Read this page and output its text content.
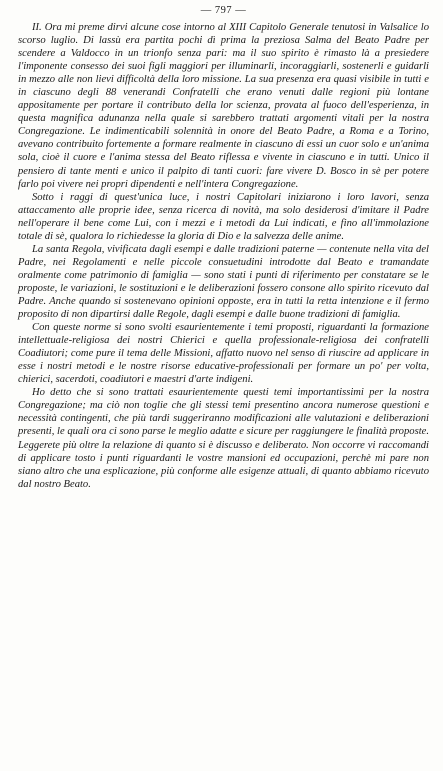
— 797 —

II. Ora mi preme dirvi alcune cose intorno al XIII Capitolo Generale tenutosi in Valsalice lo scorso luglio. Di lassù era partita pochi dì prima la preziosa Salma del Beato Padre per scendere a Valdocco in un trionfo senza pari: ma il suo spirito è rimasto là a presiedere l'imponente consesso dei suoi figli maggiori per illuminarli, incoraggiarli, sostenerli e guidarli in mezzo alle non lievi difficoltà della loro missione. La sua presenza era quasi visibile in tutti e in ciascuno degli 88 venerandi Confratelli che erano venuti dalle regioni più lontane appositamente per portare il contributo della lor scienza, provata al fuoco dell'esperienza, in questa magnifica adunanza nella quale si sarebbero trattati argomenti vitali per la nostra Congregazione. Le indimenticabili solennità in onore del Beato Padre, a Roma e a Torino, avevano contribuito fortemente a formare realmente in ciascuno di essi un cuor solo e un'anima sola, cioè il cuore e l'anima stessa del Beato riflessa e vivente in ciascuno e in tutti. Unico il pensiero di tante menti e unico il palpito di tanti cuori: fare vivere D. Bosco in sè per potere farlo poi vivere nei propri dipendenti e nell'intera Congregazione.

Sotto i raggi di quest'unica luce, i nostri Capitolari iniziarono i loro lavori, senza attaccamento alle proprie idee, senza ricerca di novità, ma solo desiderosi d'imitare il Padre nell'operare il bene come Lui, con i mezzi e i metodi da Lui indicati, e fino all'immolazione totale di sè, qualora lo richiedesse la gloria di Dio e la salvezza delle anime.

La santa Regola, vivificata dagli esempi e dalle tradizioni paterne — contenute nella vita del Padre, nei Regolamenti e nelle piccole consuetudini introdotte dal Beato e tramandate oralmente come patrimonio di famiglia — sono stati i punti di riferimento per constatare se le proposte, le variazioni, le sostituzioni e le deliberazioni fossero consone allo spirito ricevuto dal Padre. Anche quando si sostenevano opinioni opposte, era in tutti la retta intenzione e il fermo proposito di non dipartirsi dalle Regole, dagli esempi e dalle buone tradizioni di famiglia.

Con queste norme si sono svolti esaurientemente i temi proposti, riguardanti la formazione intellettuale-religiosa dei nostri Chierici e quella professionale-religiosa dei confratelli Coadiutori; come pure il tema delle Missioni, affatto nuovo nel senso di riuscire ad applicare in esse i nostri metodi e le nostre risorse educative-professionali per formare un po' per volta, chierici, sacerdoti, coadiutori e maestri d'arte indigeni.

Ho detto che si sono trattati esaurientemente questi temi importantissimi per la nostra Congregazione; ma ciò non toglie che gli stessi temi presentino ancora numerose questioni e necessità contingenti, che più tardi suggeriranno modificazioni alle valutazioni e deliberazioni presenti, le quali ora ci sono parse le meglio adatte e sicure per raggiungere le finalità proposte. Leggerete più oltre la relazione di quanto si è discusso e deliberato. Non occorre vi raccomandi di applicare tosto i punti riguardanti le vostre mansioni ed occupazioni, perchè mi pare non siano altro che una esplicazione, più conforme alle esigenze attuali, di quanto abbiamo ricevuto dal nostro Beato.
